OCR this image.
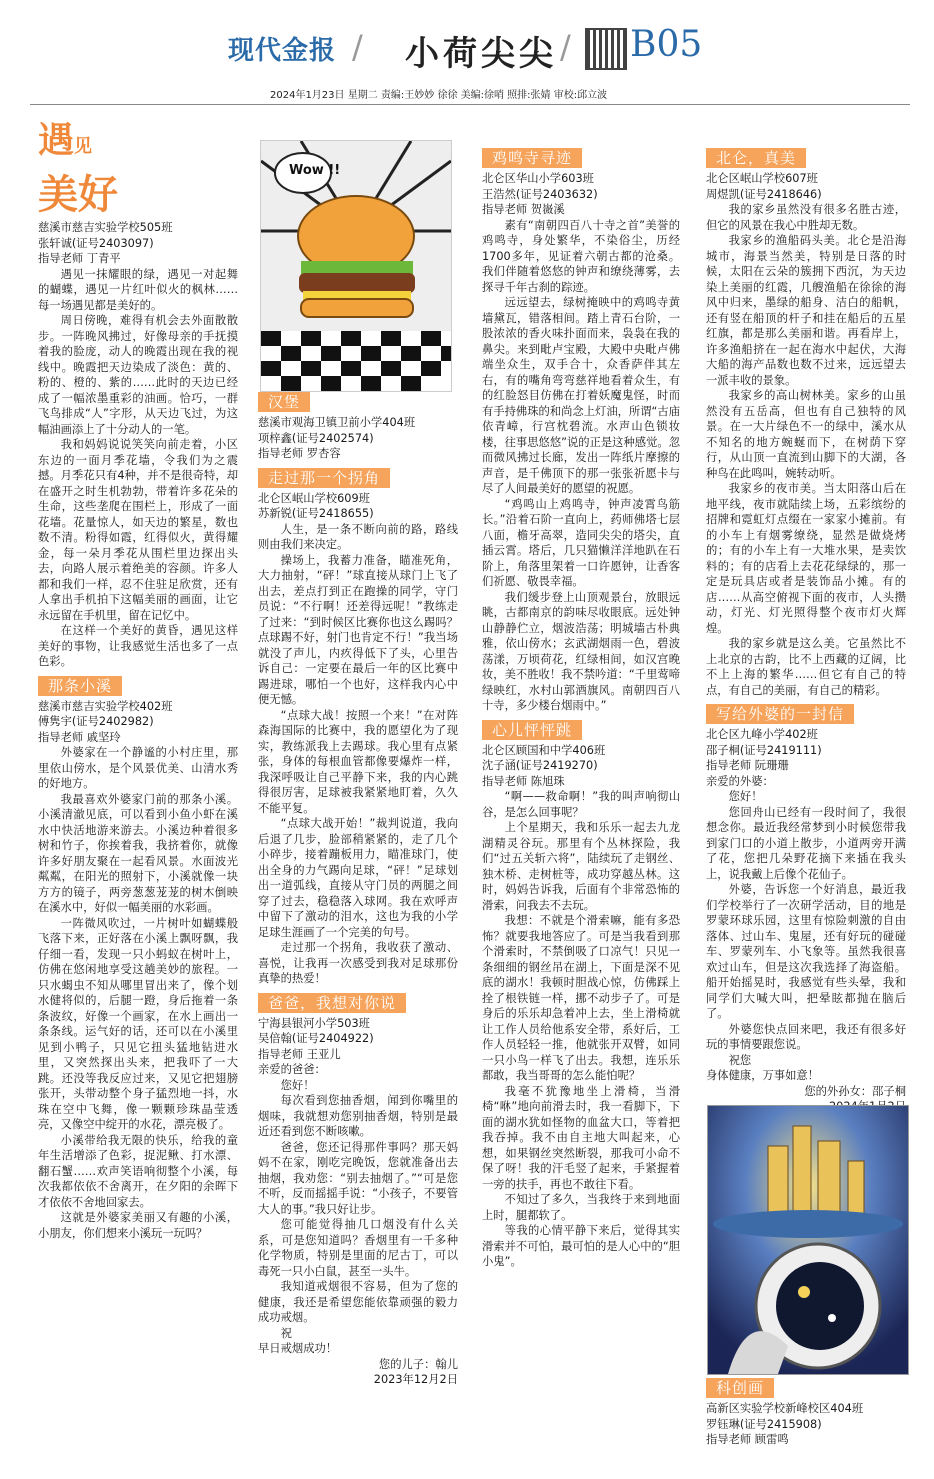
现代金报 / 小荷尖尖 / B05
2024年1月23日 星期二 责编:王妙妙 徐徐 美编:徐哨 照排:张婧 审校:邱立波
遇见
美好

慈溪市慈吉实验学校505班

张轩诚(证号2403097)

指导老师 丁青平

遇见一抹耀眼的绿，遇见一对起舞的蝴蝶，遇见一片红叶似火的枫林……每一场遇见都是美好的。

周日傍晚，难得有机会去外面散散步。一阵晚风拂过，好像母亲的手抚摸着我的脸庞，动人的晚霞出现在我的视线中。晚霞把天边染成了淡色：黄的、粉的、橙的、紫的……此时的天边已经成了一幅浓墨重彩的油画。恰巧，一群飞鸟排成“人”字形，从天边飞过，为这幅油画添上了十分动人的一笔。

我和妈妈说说笑笑向前走着，小区东边的一面月季花墙，令我们为之震撼。月季花只有4种，并不是很奇特，却在盛开之时生机勃勃，带着许多花朵的生命，这些垄爬在围栏上，形成了一面花墙。花量惊人，如天边的繁星，数也数不清。粉得如霞，红得似火，黄得耀金，每一朵月季花从围栏里边探出头去，向路人展示着绝美的容颜。许多人都和我们一样，忍不住驻足欣赏，还有人拿出手机拍下这幅美丽的画面，让它永远留在手机里，留在记忆中。

在这样一个美好的黄昏，遇见这样美好的事物，让我感觉生活也多了一点色彩。

那条小溪

慈溪市慈吉实验学校402班

傅隽宇(证号2402982)

指导老师 戚坚玲

外婆家在一个静谧的小村庄里，那里依山傍水，是个风景优美、山清水秀的好地方。

我最喜欢外婆家门前的那条小溪。小溪清澈见底，可以看到小鱼小虾在溪水中快活地游来游去。小溪边种着很多树和竹子，你挨着我，我挤着你，就像许多好朋友聚在一起看风景。水面波光粼粼，在阳光的照射下，小溪就像一块方方的镜子，两旁葱葱茏茏的树木倒映在溪水中，好似一幅美丽的水彩画。

一阵微风吹过，一片树叶如蝴蝶般飞落下来，正好落在小溪上飘呀飘，我仔细一看，发现一只小蚂蚁在树叶上，仿佛在悠闲地享受这趟美妙的旅程。一只水蝎虫不知从哪里冒出来了，像个划水健将似的，后腿一蹬，身后拖着一条条波纹，好像一个画家，在水上画出一条条线。运气好的话，还可以在小溪里见到小鸭子，只见它扭头猛地钻进水里，又突然探出头来，把我吓了一大跳。还没等我反应过来，又见它把翅膀张开，头带动整个身子猛烈地一抖，水珠在空中飞舞，像一颗颗珍珠晶莹透亮，又像空中绽开的水花，漂亮极了。

小溪带给我无限的快乐，给我的童年生活增添了色彩，捉泥鳅、打水漂、翻石蟹……欢声笑语响彻整个小溪，每次我都依依不舍离开，在夕阳的余晖下才依依不舍地回家去。

这就是外婆家美丽又有趣的小溪，小朋友，你们想来小溪玩一玩吗？

Wow !!
汉堡

慈溪市观海卫镇卫前小学404班

项梓鑫(证号2402574)

指导老师 罗杏容

走过那一个拐角

北仑区岷山学校609班

苏新锐(证号2418655)

人生，是一条不断向前的路，路线则由我们来决定。

操场上，我蓄力准备，瞄准死角，大力抽射，“砰！”球直接从球门上飞了出去，差点打到正在跑操的同学，守门员说：“不行啊！还差得远呢！”教练走了过来：“到时候区比赛你也这么踢吗？点球踢不好，射门也肯定不行！”我当场就没了声儿，内疚得低下了头，心里告诉自己：一定要在最后一年的区比赛中踢进球，哪怕一个也好，这样我内心中便无憾。

“点球大战！按照一个来！”在对阵森海国际的比赛中，我的愿望化为了现实，教练派我上去踢球。我心里有点紧张，身体的每根血管都像要爆炸一样，我深呼吸让自己平静下来，我的内心跳得很厉害，足球被我紧紧地盯着，久久不能平复。

“点球大战开始！”裁判说道，我向后退了几步，脸部稍紧紧的，走了几个小碎步，接着蹦板用力，瞄准球门，使出全身的力气踢向足球，“砰！”足球划出一道弧线，直接从守门员的两腿之间穿了过去，稳稳落入球网。我在欢呼声中留下了激动的泪水，这也为我的小学足球生涯画了一个完美的句号。

走过那一个拐角，我收获了激动、喜悦，让我再一次感受到我对足球那份真挚的热爱！

爸爸，我想对你说

宁海县银河小学503班

吴倍翰(证号2404922)

指导老师 王亚儿

亲爱的爸爸：

您好！

每次看到您抽香烟，闻到你嘴里的烟味，我就想劝您别抽香烟，特别是最近还看到您不断咳嗽。

爸爸，您还记得那件事吗？那天妈妈不在家，刚吃完晚饭，您就准备出去抽烟，我劝您：“别去抽烟了。”“可是您不听，反而摇摇手说：“小孩子，不要管大人的事。”我只好让步。

您可能觉得抽几口烟没有什么关系，可是您知道吗？香烟里有一千多种化学物质，特别是里面的尼古丁，可以毒死一只小白鼠，甚至一头牛。

我知道戒烟很不容易，但为了您的健康，我还是希望您能依靠顽强的毅力成功戒烟。

祝

早日戒烟成功！

您的儿子：翰儿

2023年12月2日

鸡鸣寺寻迹

北仑区华山小学603班

王浩然(证号2403632)

指导老师 贺嶶溪

素有“南朝四百八十寺之首”美誉的鸡鸣寺，身处繁华，不染俗尘，历经1700多年，见证着六朝古都的沧桑。我们伴随着悠悠的钟声和缭绕薄雾，去探寻千年古刹的踪迹。

远远望去，绿树掩映中的鸡鸣寺黄墙黛瓦，错落相间。踏上青石台阶，一股浓浓的香火味扑面而来，袅袅在我的鼻尖。来到毗卢宝殿，大殿中央毗卢佛端坐众生，双手合十，众香萨伴其左右，有的嘴角弯弯慈祥地看着众生，有的红脸怒目仿佛在打着妖魔鬼怪，时而有手持佛珠的和尚念上灯油，所谓“古庙依青嶂，行宫枕碧流。水声山色锁妆楼，往事思悠悠”说的正是这种感觉。忽而微风拂过长廊，发出一阵纸片摩擦的声音，是千佛顶下的那一张张祈愿卡与尽了人间最美好的愿望的祝愿。

“鸡鸣山上鸡鸣寺，钟声凌霄鸟筋长。”沿着石阶一直向上，药师佛塔七层八面，檐牙高翠，造同尖尖的塔尖，直插云霄。塔后，几只猫懒洋洋地趴在石阶上，角落里架着一口许愿钟，让香客们祈愿、敬畏幸福。

我们缓步登上山顶观景台，放眼远眺，古都南京的韵味尽收眼底。远处钟山静静伫立，烟波浩荡；明城墙古朴典雅，依山傍水；玄武湖烟雨一色，碧波荡漾，万顷荷花，红绿相间，如汉宫晚妆，美不胜收！我不禁吟道：“千里莺啼绿映红，水村山郭酒旗风。南朝四百八十寺，多少楼台烟雨中。”

心儿怦怦跳

北仑区顾国和中学406班

沈子涵(证号2419270)

指导老师 陈旭珠

“啊——救命啊！”我的叫声响彻山谷，是怎么回事呢？

上个星期天，我和乐乐一起去九龙湖精灵谷玩。那里有个丛林探险，我们“过五关斩六将”，陆续玩了走钢丝、独木桥、走树桩等，成功穿越丛林。这时，妈妈告诉我，后面有个非常恐怖的滑索，问我去不去玩。

我想：不就是个滑索嘛，能有多恐怖？就要我地答应了。可是当我看到那个滑索时，不禁倒吸了口凉气！只见一条细细的钢丝吊在湖上，下面是深不见底的湖水！我顿时胆战心惊，仿佛踩上拴了根铁链一样，挪不动步子了。可是身后的乐乐却急着冲上去，坐上滑椅就让工作人员给他系安全带，系好后，工作人员轻轻一推，他就张开双臂，如同一只小鸟一样飞了出去。我想，连乐乐都敢，我当哥哥的怎么能怕呢？

我毫不犹豫地坐上滑椅，当滑椅“咻”地向前滑去时，我一看脚下，下面的湖水犹如怪物的血盆大口，等着把我吞掉。我不由自主地大叫起来，心想，如果钢丝突然断裂，那我可小命不保了呀！我的汗毛竖了起来，手紧握着一旁的扶手，再也不敢往下看。

不知过了多久，当我终于来到地面上时，腿都软了。

等我的心情平静下来后，觉得其实滑索并不可怕，最可怕的是人心中的“胆小鬼”。

北仑，真美

北仑区岷山学校607班

周煜凯(证号2418646)

我的家乡虽然没有很多名胜古迹，但它的风景在我心中胜却无数。

我家乡的渔船码头美。北仑是沿海城市，海景当然美，特别是日落的时候，太阳在云朵的簇拥下西沉，为天边染上美丽的红霞，几艘渔船在徐徐的海风中归来，墨绿的船身、洁白的船帆，还有竖在船顶的杆子和挂在船后的五星红旗，都是那么美丽和谐。再看岸上，许多渔船挤在一起在海水中起伏，大海大船的海产品数也数不过来，远远望去一派丰收的景象。

我家乡的高山树林美。家乡的山虽然没有五岳高，但也有自己独特的风景。在一大片绿色不一的绿中，溪水从不知名的地方蜿蜒而下，在树荫下穿行，从山顶一直流到山脚下的大湖，各种鸟在此鸣叫，婉转动听。

我家乡的夜市美。当太阳落山后在地平线，夜市就陆续上场，五彩缤纷的招牌和霓虹灯点缀在一家家小摊前。有的小车上有烟雾缭绕，显然是做烧烤的；有的小车上有一大堆水果，是卖饮料的；有的店看上去花花绿绿的，那一定是玩具店或者是装饰品小摊。有的店……从高空俯视下面的夜市，人头攒动，灯光、灯光照得整个夜市灯火辉煌。

我的家乡就是这么美。它虽然比不上北京的古韵，比不上西藏的辽阔，比不上上海的繁华……但它有自己的特点，有自己的美丽，有自己的精彩。

写给外婆的一封信

北仑区九峰小学402班

邵子桐(证号2419111)

指导老师 阮珊珊

亲爱的外婆：

您好！

您回舟山已经有一段时间了，我很想念你。最近我经常梦到小时候您带我到家门口的小道上散步，小道两旁开满了花，您把几朵野花摘下来插在我头上，说我戴上后像个花仙子。

外婆，告诉您一个好消息，最近我们学校举行了一次研学活动，目的地是罗蒙环球乐园，这里有惊险刺激的自由落体、过山车、鬼屋，还有好玩的碰碰车、罗蒙列车、小飞象等。虽然我很喜欢过山车，但是这次我选择了海盗船。船开始摇晃时，我感觉有些头晕，我和同学们大喊大叫，把晕眩都抛在脑后了。

外婆您快点回来吧，我还有很多好玩的事情要跟您说。

祝您

身体健康，万事如意！

您的外孙女：邵子桐

科创画

高新区实验学校新峰校区404班

罗钰琳(证号2415908)

指导老师 顾雷鸣
